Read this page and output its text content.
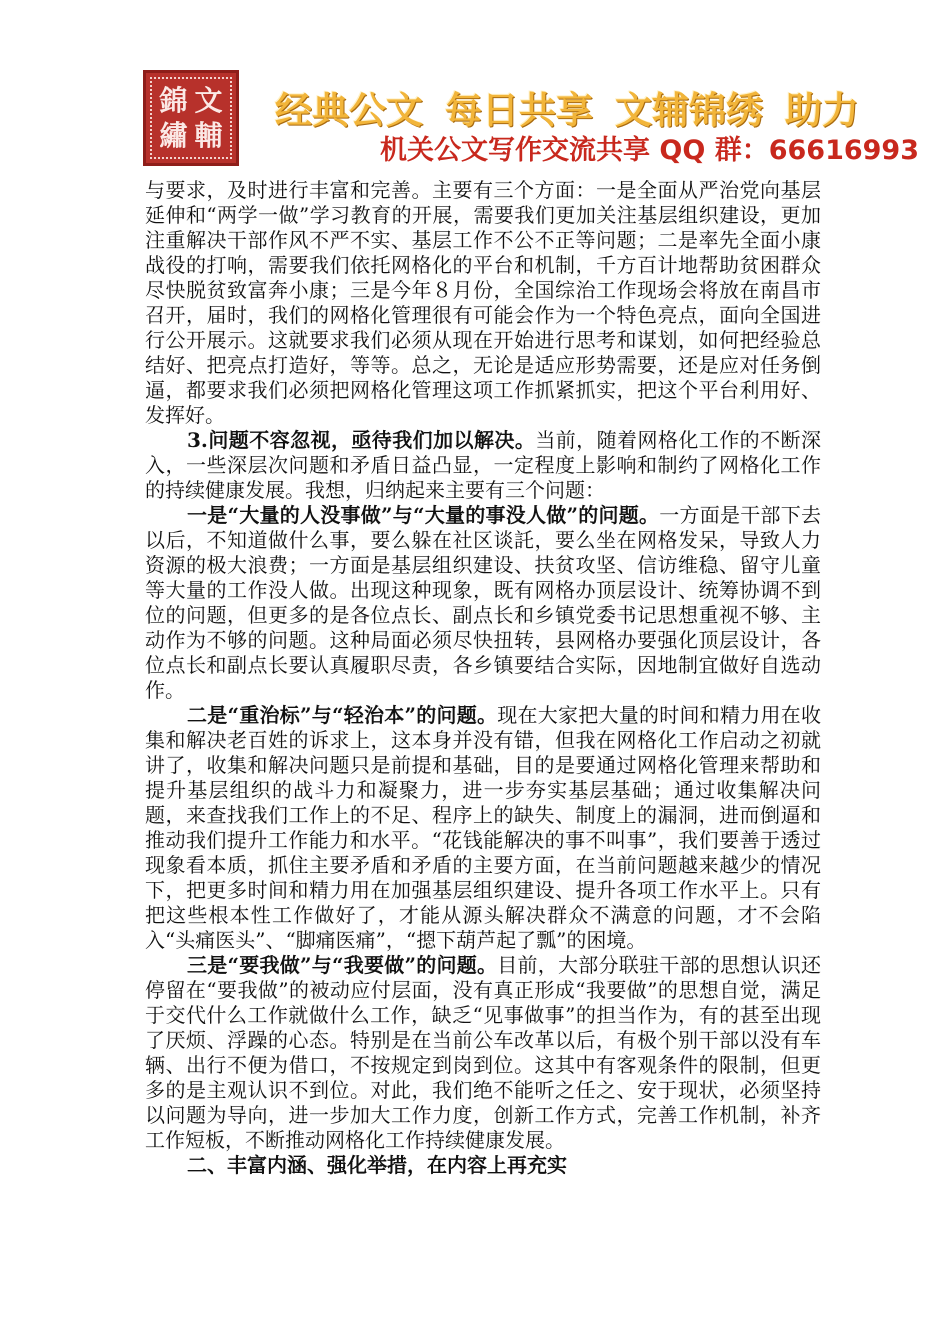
錦 文
繡 輔
经典公文 每日共享 文辅锦绣 助力
机关公文写作交流共享 QQ 群：66616993

与要求，及时进行丰富和完善。主要有三个方面：一是全面从严治党向基层延伸和“两学一做”学习教育的开展，需要我们更加关注基层组织建设，更加注重解决干部作风不严不实、基层工作不公不正等问题；二是率先全面小康战役的打响，需要我们依托网格化的平台和机制，千方百计地帮助贫困群众尽快脱贫致富奔小康；三是今年８月份，全国综治工作现场会将放在南昌市召开，届时，我们的网格化管理很有可能会作为一个特色亮点，面向全国进行公开展示。这就要求我们必须从现在开始进行思考和谋划，如何把经验总结好、把亮点打造好，等等。总之，无论是适应形势需要，还是应对任务倒逼，都要求我们必须把网格化管理这项工作抓紧抓实，把这个平台利用好、发挥好。

3.问题不容忽视，亟待我们加以解决。当前，随着网格化工作的不断深入，一些深层次问题和矛盾日益凸显，一定程度上影响和制约了网格化工作的持续健康发展。我想，归纳起来主要有三个问题：

一是“大量的人没事做”与“大量的事没人做”的问题。一方面是干部下去以后，不知道做什么事，要么躲在社区谈託，要么坐在网格发呆，导致人力资源的极大浪费；一方面是基层组织建设、扶贫攻坚、信访维稳、留守儿童等大量的工作没人做。出现这种现象，既有网格办顶层设计、统筹协调不到位的问题，但更多的是各位点长、副点长和乡镇党委书记思想重视不够、主动作为不够的问题。这种局面必须尽快扭转，县网格办要强化顶层设计，各位点长和副点长要认真履职尽责，各乡镇要结合实际，因地制宜做好自选动作。

二是“重治标”与“轻治本”的问题。现在大家把大量的时间和精力用在收集和解决老百姓的诉求上，这本身并没有错，但我在网格化工作启动之初就讲了，收集和解决问题只是前提和基础，目的是要通过网格化管理来帮助和提升基层组织的战斗力和凝聚力，进一步夯实基层基础；通过收集解决问题，来查找我们工作上的不足、程序上的缺失、制度上的漏洞，进而倒逼和推动我们提升工作能力和水平。“花钱能解决的事不叫事”，我们要善于透过现象看本质，抓住主要矛盾和矛盾的主要方面，在当前问题越来越少的情况下，把更多时间和精力用在加强基层组织建设、提升各项工作水平上。只有把这些根本性工作做好了，才能从源头解决群众不满意的问题，才不会陷入“头痛医头”、“脚痛医痛”，“摁下葫芦起了瓢”的困境。

三是“要我做”与“我要做”的问题。目前，大部分联驻干部的思想认识还停留在“要我做”的被动应付层面，没有真正形成“我要做”的思想自觉，满足于交代什么工作就做什么工作，缺乏“见事做事”的担当作为，有的甚至出现了厌烦、浮躁的心态。特别是在当前公车改革以后，有极个别干部以没有车辆、出行不便为借口，不按规定到岗到位。这其中有客观条件的限制，但更多的是主观认识不到位。对此，我们绝不能听之任之、安于现状，必须坚持以问题为导向，进一步加大工作力度，创新工作方式，完善工作机制，补齐工作短板，不断推动网格化工作持续健康发展。

二、丰富内涵、强化举措，在内容上再充实
